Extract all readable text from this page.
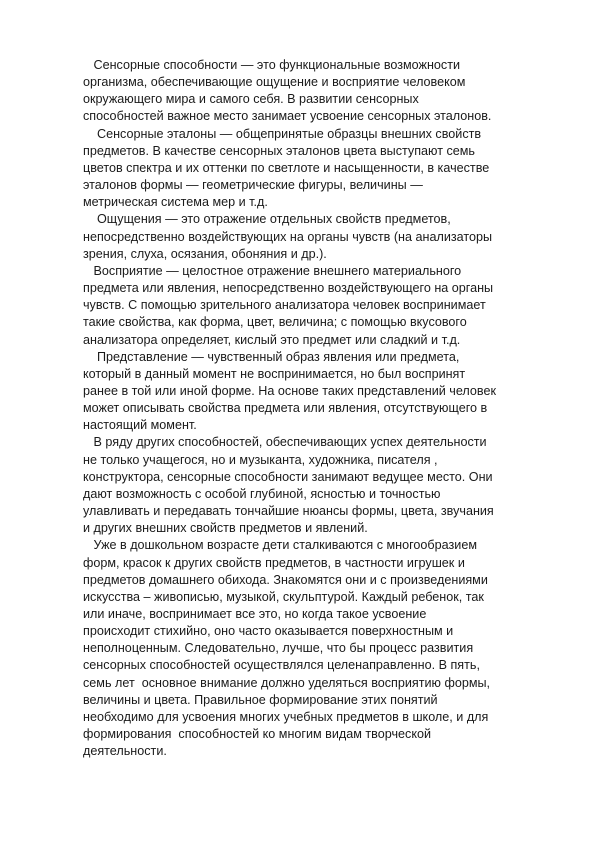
Сенсорные способности — это функциональные возможности
организма, обеспечивающие ощущение и восприятие человеком
окружающего мира и самого себя. В развитии сенсорных
способностей важное место занимает усвоение сенсорных эталонов.

Сенсорные эталоны — общепринятые образцы внешних свойств
предметов. В качестве сенсорных эталонов цвета выступают семь
цветов спектра и их оттенки по светлоте и насыщенности, в качестве
эталонов формы — геометрические фигуры, величины —
метрическая система мер и т.д.

Ощущения — это отражение отдельных свойств предметов,
непосредственно воздействующих на органы чувств (на анализаторы
зрения, слуха, осязания, обоняния и др.).

Восприятие — целостное отражение внешнего материального
предмета или явления, непосредственно воздействующего на органы
чувств. С помощью зрительного анализатора человек воспринимает
такие свойства, как форма, цвет, величина; с помощью вкусового
анализатора определяет, кислый это предмет или сладкий и т.д.

Представление — чувственный образ явления или предмета,
который в данный момент не воспринимается, но был воспринят
ранее в той или иной форме. На основе таких представлений человек
может описывать свойства предмета или явления, отсутствующего в
настоящий момент.

В ряду других способностей, обеспечивающих успех деятельности
не только учащегося, но и музыканта, художника, писателя ,
конструктора, сенсорные способности занимают ведущее место. Они
дают возможность с особой глубиной, ясностью и точностью
улавливать и передавать тончайшие нюансы формы, цвета, звучания
и других внешних свойств предметов и явлений.

Уже в дошкольном возрасте дети сталкиваются с многообразием
форм, красок к других свойств предметов, в частности игрушек и
предметов домашнего обихода. Знакомятся они и с произведениями
искусства – живописью, музыкой, скульптурой. Каждый ребенок, так
или иначе, воспринимает все это, но когда такое усвоение
происходит стихийно, оно часто оказывается поверхностным и
неполноценным. Следовательно, лучше, что бы процесс развития
сенсорных способностей осуществлялся целенаправленно. В пять,
семь лет  основное внимание должно уделяться восприятию формы,
величины и цвета. Правильное формирование этих понятий
необходимо для усвоения многих учебных предметов в школе, и для
формирования  способностей ко многим видам творческой
деятельности.
